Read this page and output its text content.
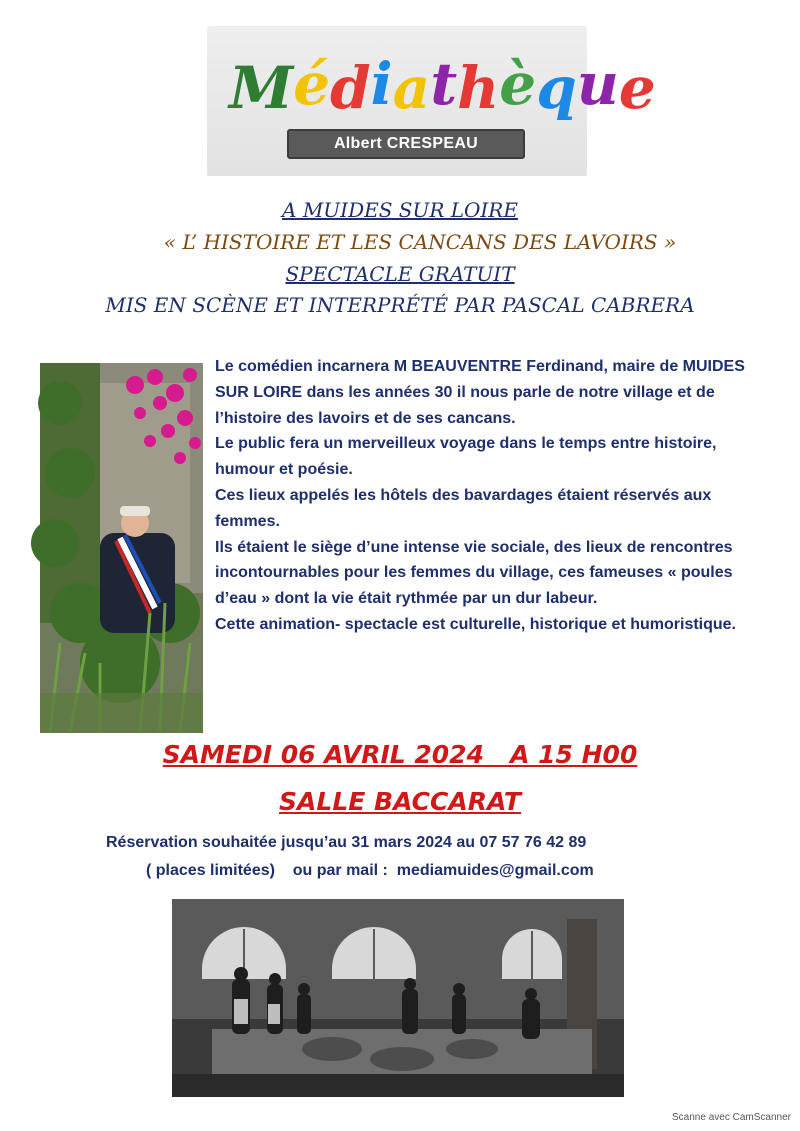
Médiathèque
Albert CRESPEAU
A MUIDES SUR LOIRE
« L’ HISTOIRE ET LES CANCANS DES LAVOIRS »
SPECTACLE GRATUIT
MIS EN SCÈNE ET INTERPRÉTÉ PAR PASCAL CABRERA

Le comédien incarnera M BEAUVENTRE Ferdinand, maire de MUIDES SUR LOIRE dans les années 30 il nous parle de notre village et de l’histoire des lavoirs et de ses cancans.

Le public fera un merveilleux voyage dans le temps entre histoire, humour et poésie.

Ces lieux appelés les hôtels des bavardages étaient réservés aux femmes.

Ils étaient le siège d’une intense vie sociale, des lieux de rencontres incontournables pour les femmes du village, ces fameuses « poules d’eau » dont la vie était rythmée par un dur labeur.

Cette animation- spectacle est culturelle, historique et humoristique.

SAMEDI 06 AVRIL 2024   A 15 H00
SALLE BACCARAT
Réservation souhaitée jusqu’au 31 mars 2024 au 07 57 76 42 89
( places limitées)    ou par mail :  mediamuides@gmail.com
Scanne avec CamScanner
